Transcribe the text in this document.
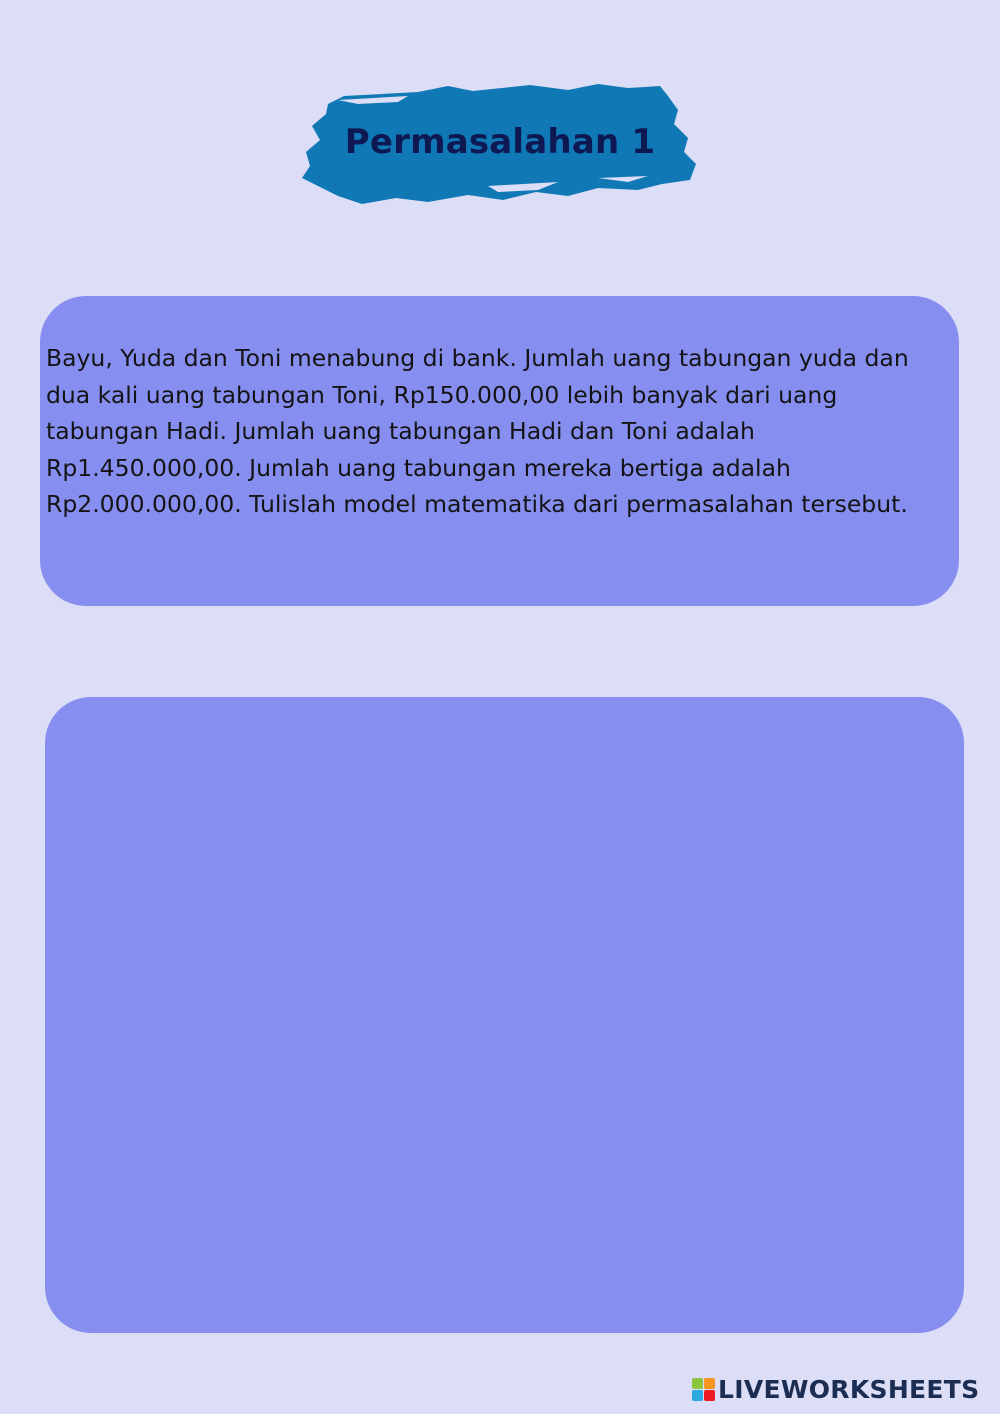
Permasalahan 1

Bayu, Yuda dan Toni menabung di bank. Jumlah uang tabungan yuda dan dua kali uang tabungan Toni, Rp150.000,00 lebih banyak dari uang tabungan Hadi. Jumlah uang tabungan Hadi dan Toni adalah Rp1.450.000,00. Jumlah uang tabungan mereka bertiga adalah Rp2.000.000,00. Tulislah model matematika dari permasalahan tersebut.

LIVEWORKSHEETS
